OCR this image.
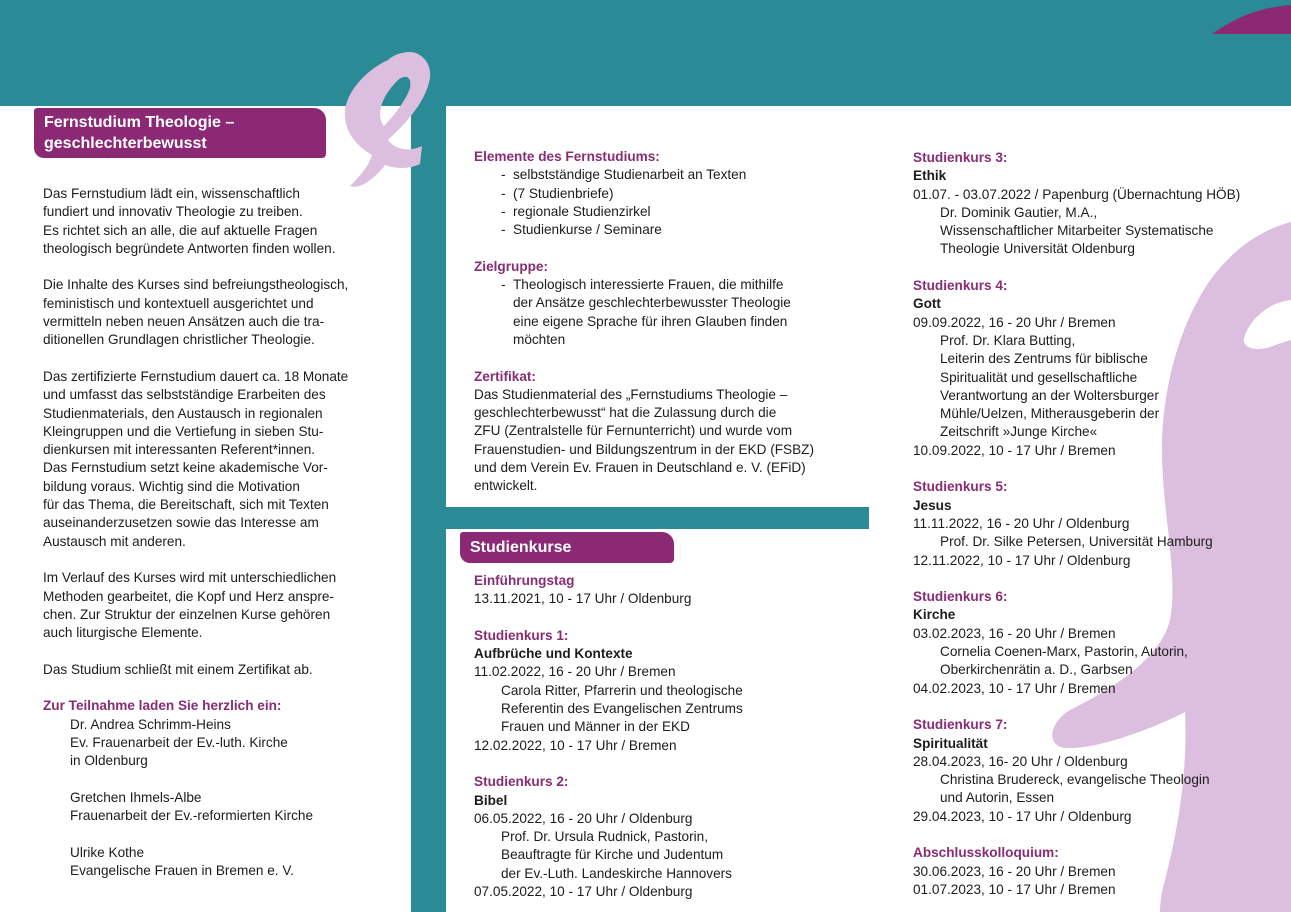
Fernstudium Theologie –
geschlechterbewusst

Das Fernstudium lädt ein, wissenschaftlich

fundiert und innovativ Theologie zu treiben.

Es richtet sich an alle, die auf aktuelle Fragen

theologisch begründete Antworten finden wollen.

Die Inhalte des Kurses sind befreiungstheologisch,

feministisch und kontextuell ausgerichtet und

vermitteln neben neuen Ansätzen auch die tra-

ditionellen Grundlagen christlicher Theologie.

Das zertifizierte Fernstudium dauert ca. 18 Monate

und umfasst das selbstständige Erarbeiten des

Studienmaterials, den Austausch in regionalen

Kleingruppen und die Vertiefung in sieben Stu-

dienkursen mit interessanten Referent*innen.

Das Fernstudium setzt keine akademische Vor-

bildung voraus. Wichtig sind die Motivation

für das Thema, die Bereitschaft, sich mit Texten

auseinanderzusetzen sowie das Interesse am

Austausch mit anderen.

Im Verlauf des Kurses wird mit unterschiedlichen

Methoden gearbeitet, die Kopf und Herz anspre-

chen. Zur Struktur der einzelnen Kurse gehören

auch liturgische Elemente.

Das Studium schließt mit einem Zertifikat ab.

Zur Teilnahme laden Sie herzlich ein:

Dr. Andrea Schrimm-Heins

Ev. Frauenarbeit der Ev.-luth. Kirche

in Oldenburg

Gretchen Ihmels-Albe

Frauenarbeit der Ev.-reformierten Kirche

Ulrike Kothe

Evangelische Frauen in Bremen e. V.

Elemente des Fernstudiums:

- selbstständige Studienarbeit an Texten
- (7 Studienbriefe)
- regionale Studienzirkel
- Studienkurse / Seminare

Zielgruppe:

- Theologisch interessierte Frauen, die mithilfe
der Ansätze geschlechterbewusster Theologie
eine eigene Sprache für ihren Glauben finden
möchten

Zertifikat:

Das Studienmaterial des „Fernstudiums Theologie –

geschlechterbewusst“ hat die Zulassung durch die

ZFU (Zentralstelle für Fernunterricht) und wurde vom

Frauenstudien- und Bildungszentrum in der EKD (FSBZ)

und dem Verein Ev. Frauen in Deutschland e. V. (EFiD)

entwickelt.

Studienkurse

Einführungstag

13.11.2021, 10 - 17 Uhr / Oldenburg

Studienkurs 1:

Aufbrüche und Kontexte

11.02.2022, 16 - 20 Uhr / Bremen

Carola Ritter, Pfarrerin und theologische

Referentin des Evangelischen Zentrums

Frauen und Männer in der EKD

12.02.2022, 10 - 17 Uhr / Bremen

Studienkurs 2:

Bibel

06.05.2022, 16 - 20 Uhr / Oldenburg

Prof. Dr. Ursula Rudnick, Pastorin,

Beauftragte für Kirche und Judentum

der Ev.-Luth. Landeskirche Hannovers

07.05.2022, 10 - 17 Uhr / Oldenburg

Studienkurs 3:

Ethik

01.07. - 03.07.2022 / Papenburg (Übernachtung HÖB)

Dr. Dominik Gautier, M.A.,

Wissenschaftlicher Mitarbeiter Systematische

Theologie Universität Oldenburg

Studienkurs 4:

Gott

09.09.2022, 16 - 20 Uhr / Bremen

Prof. Dr. Klara Butting,

Leiterin des Zentrums für biblische

Spiritualität und gesellschaftliche

Verantwortung an der Woltersburger

Mühle/Uelzen, Mitherausgeberin der

Zeitschrift »Junge Kirche«

10.09.2022, 10 - 17 Uhr / Bremen

Studienkurs 5:

Jesus

11.11.2022, 16 - 20 Uhr / Oldenburg

Prof. Dr. Silke Petersen, Universität Hamburg

12.11.2022, 10 - 17 Uhr / Oldenburg

Studienkurs 6:

Kirche

03.02.2023, 16 - 20 Uhr / Bremen

Cornelia Coenen-Marx, Pastorin, Autorin,

Oberkirchenrätin a. D., Garbsen

04.02.2023, 10 - 17 Uhr / Bremen

Studienkurs 7:

Spiritualität

28.04.2023, 16- 20 Uhr / Oldenburg

Christina Brudereck, evangelische Theologin

und Autorin, Essen

29.04.2023, 10 - 17 Uhr / Oldenburg

Abschlusskolloquium:

30.06.2023, 16 - 20 Uhr / Bremen

01.07.2023, 10 - 17 Uhr / Bremen
